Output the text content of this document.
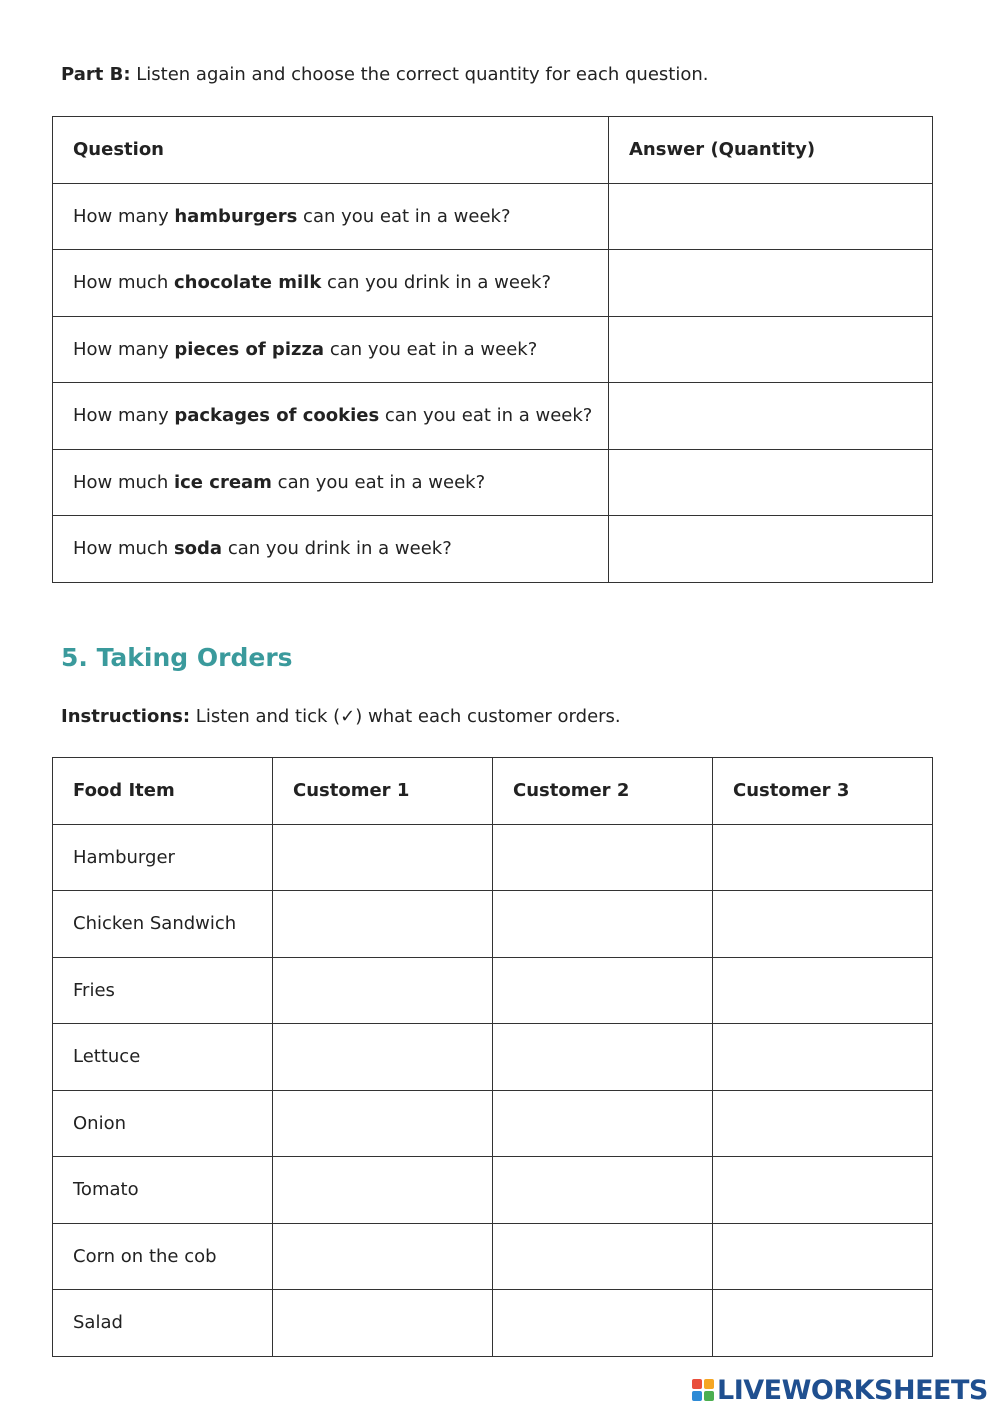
Part B: Listen again and choose the correct quantity for each question.
Question	Answer (Quantity)
How many hamburgers can you eat in a week?	
How much chocolate milk can you drink in a week?	
How many pieces of pizza can you eat in a week?	
How many packages of cookies can you eat in a week?	
How much ice cream can you eat in a week?	
How much soda can you drink in a week?	
5. Taking Orders
Instructions: Listen and tick (✓) what each customer orders.
Food Item	Customer 1	Customer 2	Customer 3
Hamburger			
Chicken Sandwich			
Fries			
Lettuce			
Onion			
Tomato			
Corn on the cob			
Salad			
LIVEWORKSHEETS
